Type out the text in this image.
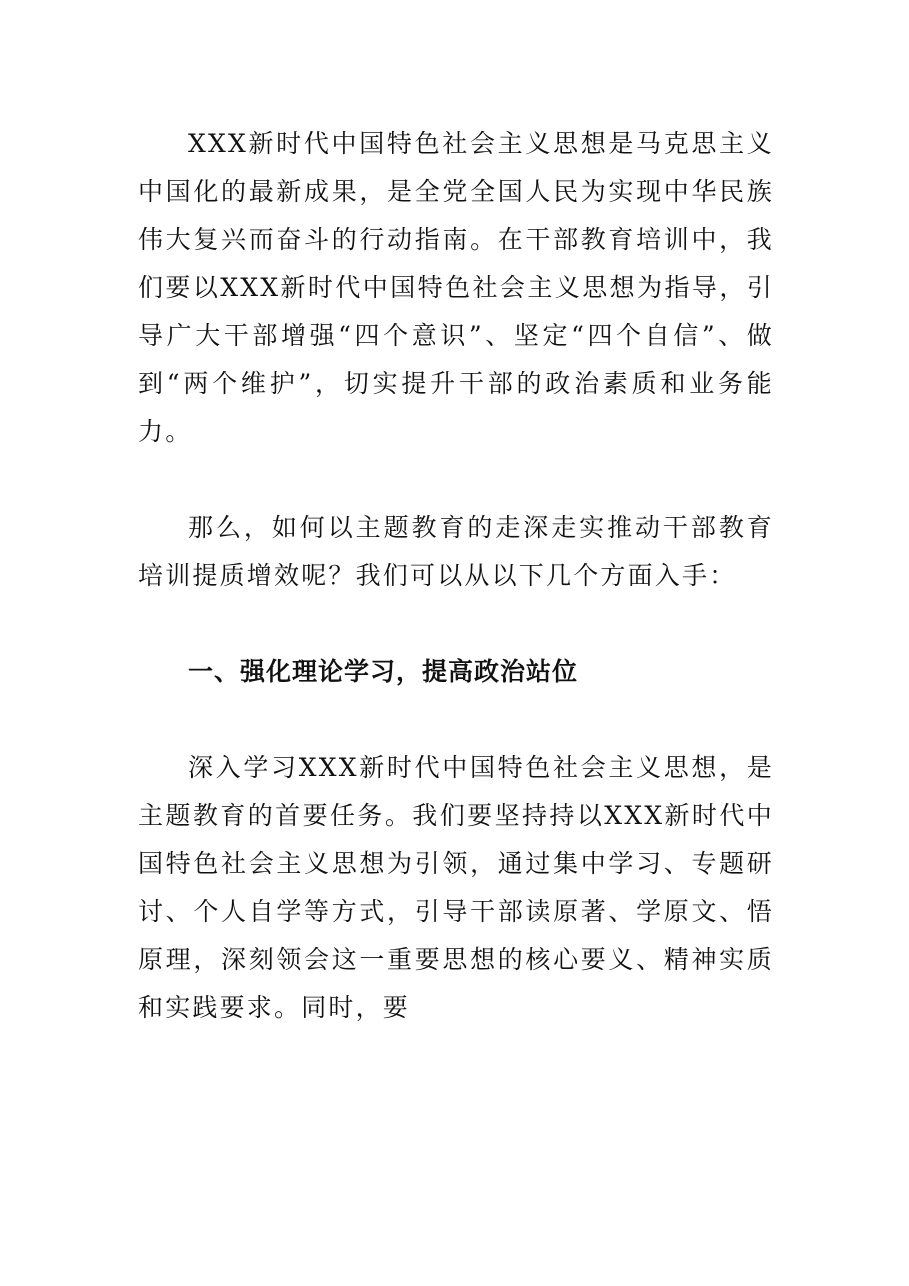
XXX新时代中国特色社会主义思想是马克思主义中国化的最新成果，是全党全国人民为实现中华民族伟大复兴而奋斗的行动指南。在干部教育培训中，我们要以XXX新时代中国特色社会主义思想为指导，引导广大干部增强“四个意识”、坚定“四个自信”、做到“两个维护”，切实提升干部的政治素质和业务能力。

那么，如何以主题教育的走深走实推动干部教育培训提质增效呢？我们可以从以下几个方面入手：

一、强化理论学习，提高政治站位

深入学习XXX新时代中国特色社会主义思想，是主题教育的首要任务。我们要坚持持以XXX新时代中国特色社会主义思想为引领，通过集中学习、专题研讨、个人自学等方式，引导干部读原著、学原文、悟原理，深刻领会这一重要思想的核心要义、精神实质和实践要求。同时，要
